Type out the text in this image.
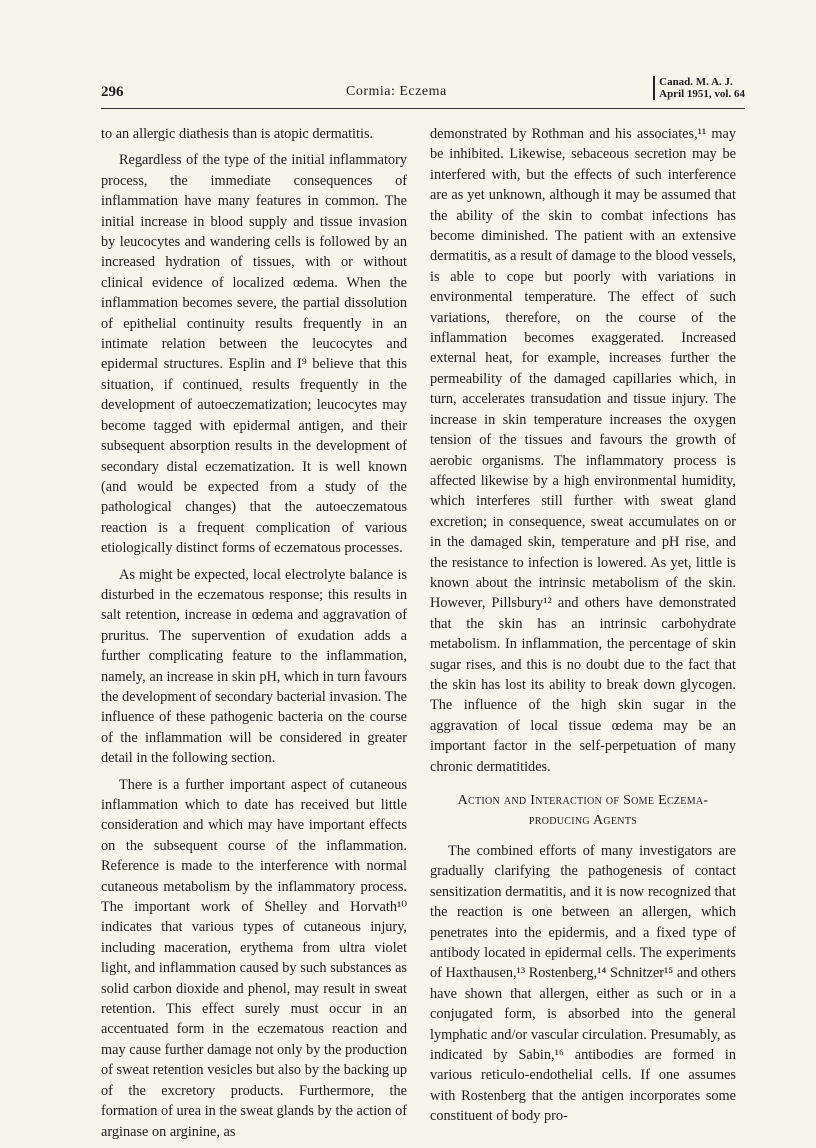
296	Cormia: Eczema
Canad. M. A. J.
April 1951, vol. 64

to an allergic diathesis than is atopic dermatitis.

Regardless of the type of the initial inflammatory process, the immediate consequences of inflammation have many features in common. The initial increase in blood supply and tissue invasion by leucocytes and wandering cells is followed by an increased hydration of tissues, with or without clinical evidence of localized œdema. When the inflammation becomes severe, the partial dissolution of epithelial continuity results frequently in an intimate relation between the leucocytes and epidermal structures. Esplin and I⁹ believe that this situation, if continued, results frequently in the development of autoeczematization; leucocytes may become tagged with epidermal antigen, and their subsequent absorption results in the development of secondary distal eczematization. It is well known (and would be expected from a study of the pathological changes) that the autoeczematous reaction is a frequent complication of various etiologically distinct forms of eczematous processes.

As might be expected, local electrolyte balance is disturbed in the eczematous response; this results in salt retention, increase in œdema and aggravation of pruritus. The supervention of exudation adds a further complicating feature to the inflammation, namely, an increase in skin pH, which in turn favours the development of secondary bacterial invasion. The influence of these pathogenic bacteria on the course of the inflammation will be considered in greater detail in the following section.

There is a further important aspect of cutaneous inflammation which to date has received but little consideration and which may have important effects on the subsequent course of the inflammation. Reference is made to the interference with normal cutaneous metabolism by the inflammatory process. The important work of Shelley and Horvath¹⁰ indicates that various types of cutaneous injury, including maceration, erythema from ultra violet light, and inflammation caused by such substances as solid carbon dioxide and phenol, may result in sweat retention. This effect surely must occur in an accentuated form in the eczematous reaction and may cause further damage not only by the production of sweat retention vesicles but also by the backing up of the excretory products. Furthermore, the formation of urea in the sweat glands by the action of arginase on arginine, as

demonstrated by Rothman and his associates,¹¹ may be inhibited. Likewise, sebaceous secretion may be interfered with, but the effects of such interference are as yet unknown, although it may be assumed that the ability of the skin to combat infections has become diminished. The patient with an extensive dermatitis, as a result of damage to the blood vessels, is able to cope but poorly with variations in environmental temperature. The effect of such variations, therefore, on the course of the inflammation becomes exaggerated. Increased external heat, for example, increases further the permeability of the damaged capillaries which, in turn, accelerates transudation and tissue injury. The increase in skin temperature increases the oxygen tension of the tissues and favours the growth of aerobic organisms. The inflammatory process is affected likewise by a high environmental humidity, which interferes still further with sweat gland excretion; in consequence, sweat accumulates on or in the damaged skin, temperature and pH rise, and the resistance to infection is lowered. As yet, little is known about the intrinsic metabolism of the skin. However, Pillsbury¹² and others have demonstrated that the skin has an intrinsic carbohydrate metabolism. In inflammation, the percentage of skin sugar rises, and this is no doubt due to the fact that the skin has lost its ability to break down glycogen. The influence of the high skin sugar in the aggravation of local tissue œdema may be an important factor in the self-perpetuation of many chronic dermatitides.

Action and Interaction of Some Eczema-producing Agents

The combined efforts of many investigators are gradually clarifying the pathogenesis of contact sensitization dermatitis, and it is now recognized that the reaction is one between an allergen, which penetrates into the epidermis, and a fixed type of antibody located in epidermal cells. The experiments of Haxthausen,¹³ Rostenberg,¹⁴ Schnitzer¹⁵ and others have shown that allergen, either as such or in a conjugated form, is absorbed into the general lymphatic and/or vascular circulation. Presumably, as indicated by Sabin,¹⁶ antibodies are formed in various reticulo-endothelial cells. If one assumes with Rostenberg that the antigen incorporates some constituent of body pro-
